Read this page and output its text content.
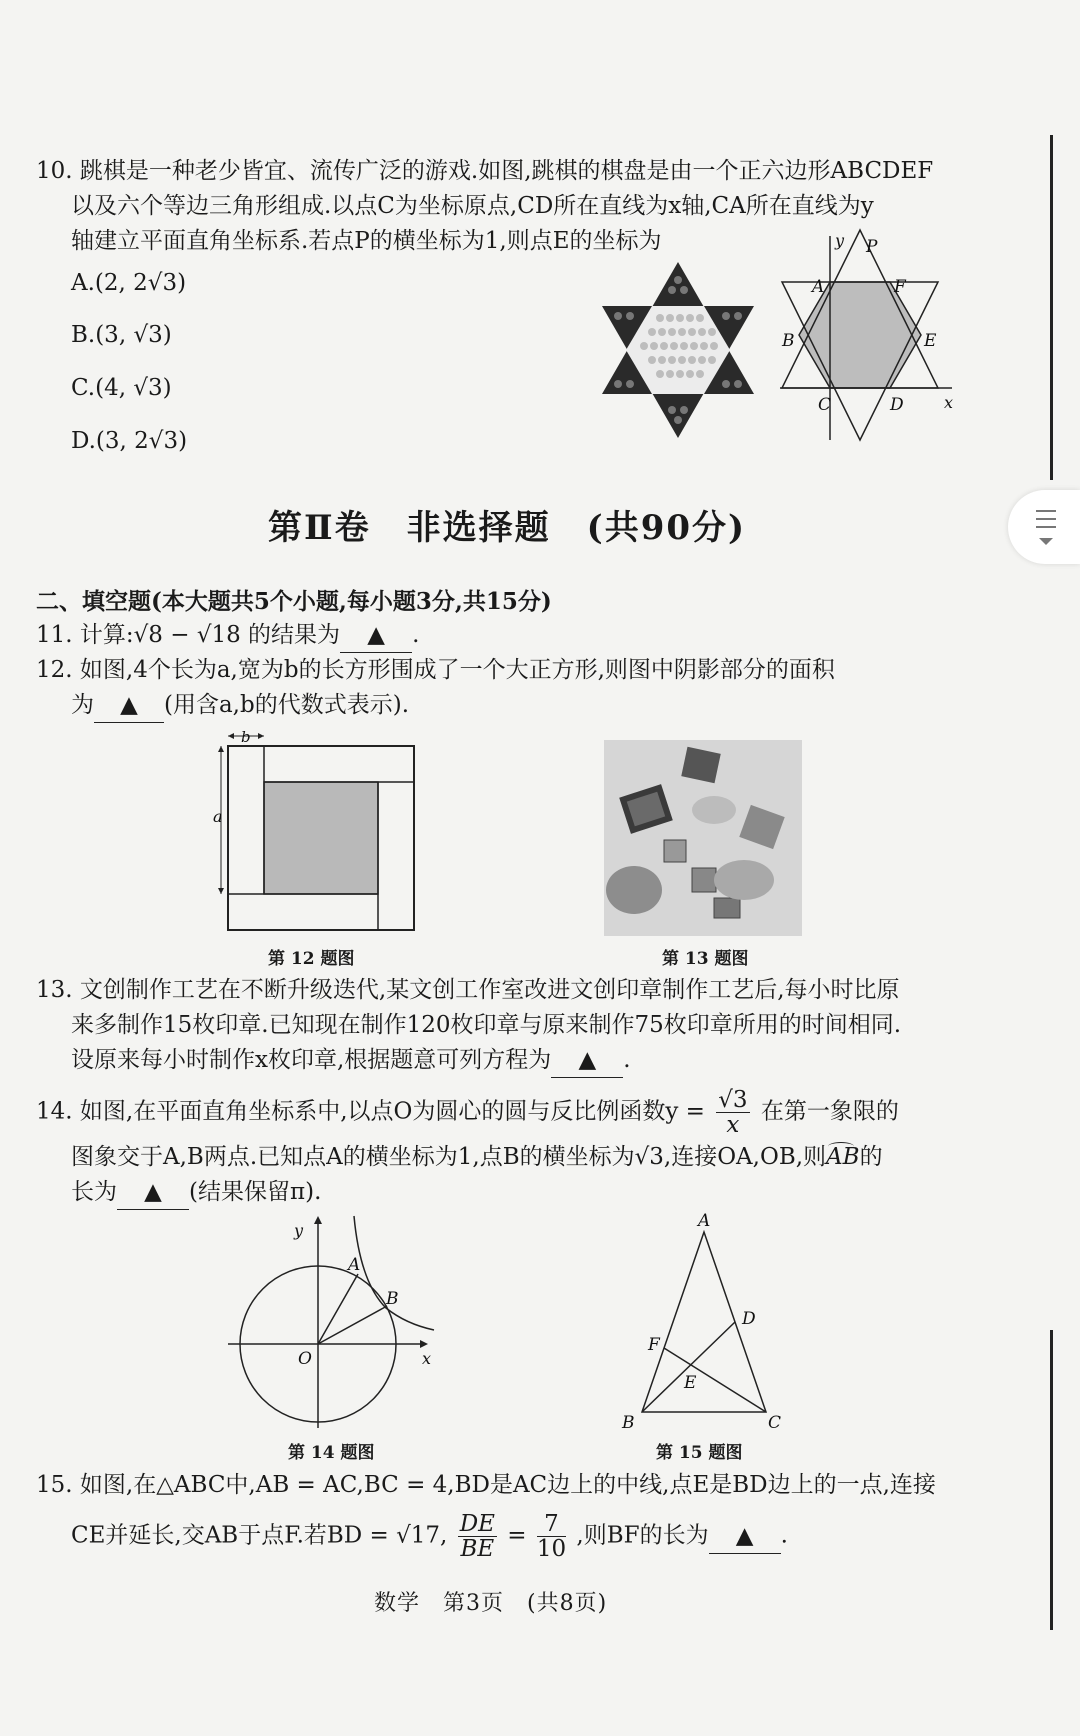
10. 跳棋是一种老少皆宜、流传广泛的游戏.如图,跳棋的棋盘是由一个正六边形ABCDEF
以及六个等边三角形组成.以点C为坐标原点,CD所在直线为x轴,CA所在直线为y
轴建立平面直角坐标系.若点P的横坐标为1,则点E的坐标为
A.(2, 2√3)
B.(3, √3)
C.(4, √3)
D.(3, 2√3)
y P
A	F
B	E
C	D	x
第Ⅱ卷　非选择题　(共90分)
二、填空题(本大题共5个小题,每小题3分,共15分)
11. 计算:√8 − √18 的结果为 ▲ .
12. 如图,4个长为a,宽为b的长方形围成了一个大正方形,则图中阴影部分的面积
为 ▲ (用含a,b的代数式表示).
b
a
第 12 题图	第 13 题图
13. 文创制作工艺在不断升级迭代,某文创工作室改进文创印章制作工艺后,每小时比原
来多制作15枚印章.已知现在制作120枚印章与原来制作75枚印章所用的时间相同.
设原来每小时制作x枚印章,根据题意可列方程为 ▲ .
14. 如图,在平面直角坐标系中,以点O为圆心的圆与反比例函数$y = \frac{√3}{x}$ 在第一象限的
图象交于A,B两点.已知点A的横坐标为1,点B的横坐标为√3,连接OA,OB,则
AB的
长为 ▲ (结果保留π).
y
A
B
O	x
第 14 题图
A
D
F
E
B	C
第 15 题图
15. 如图,在△ABC中,AB = AC,BC = 4,BD是AC边上的中线,点E是BD边上的一点,连接
CE并延长,交AB于点F.若BD = √17, $\frac{DE}{BE} = \frac{7}{10}$ ,则BF的长为 ▲ .
数学　第3页　(共8页)
